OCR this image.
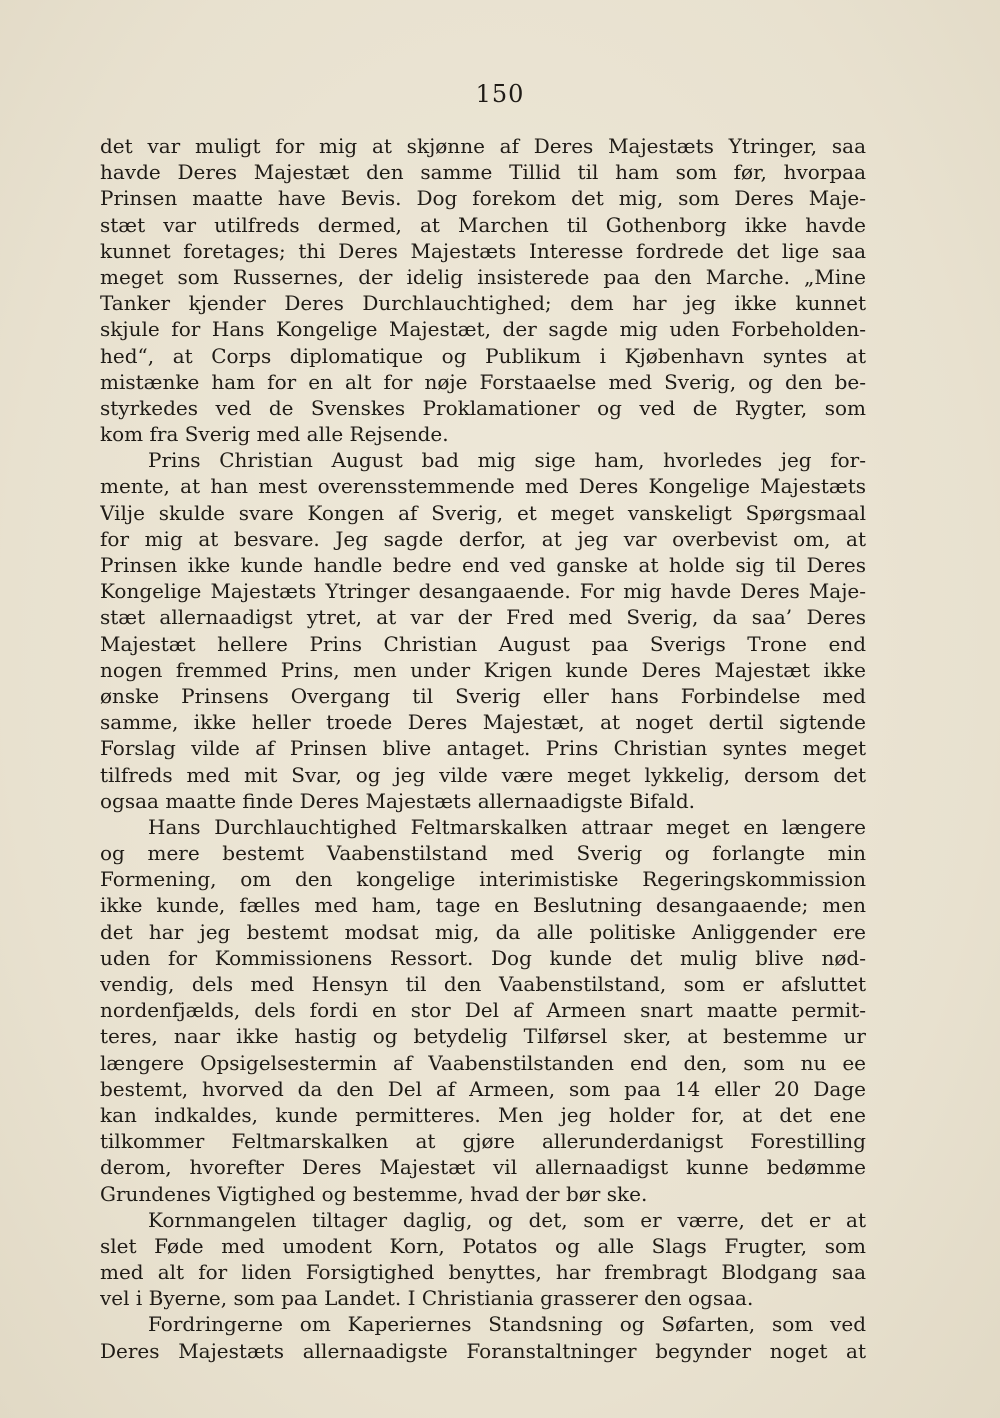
150
det var muligt for mig at skjønne af Deres Majestæts Ytringer, saa
havde Deres Majestæt den samme Tillid til ham som før, hvorpaa
Prinsen maatte have Bevis. Dog forekom det mig, som Deres Maje-
stæt var utilfreds dermed, at Marchen til Gothenborg ikke havde
kunnet foretages; thi Deres Majestæts Interesse fordrede det lige saa
meget som Russernes, der idelig insisterede paa den Marche. „Mine
Tanker kjender Deres Durchlauchtighed; dem har jeg ikke kunnet
skjule for Hans Kongelige Majestæt, der sagde mig uden Forbeholden-
hed“, at Corps diplomatique og Publikum i Kjøbenhavn syntes at
mistænke ham for en alt for nøje Forstaaelse med Sverig, og den be-
styrkedes ved de Svenskes Proklamationer og ved de Rygter, som
kom fra Sverig med alle Rejsende.
Prins Christian August bad mig sige ham, hvorledes jeg for-
mente, at han mest overensstemmende med Deres Kongelige Majestæts
Vilje skulde svare Kongen af Sverig, et meget vanskeligt Spørgsmaal
for mig at besvare. Jeg sagde derfor, at jeg var overbevist om, at
Prinsen ikke kunde handle bedre end ved ganske at holde sig til Deres
Kongelige Majestæts Ytringer desangaaende. For mig havde Deres Maje-
stæt allernaadigst ytret, at var der Fred med Sverig, da saa’ Deres
Majestæt hellere Prins Christian August paa Sverigs Trone end
nogen fremmed Prins, men under Krigen kunde Deres Majestæt ikke
ønske Prinsens Overgang til Sverig eller hans Forbindelse med
samme, ikke heller troede Deres Majestæt, at noget dertil sigtende
Forslag vilde af Prinsen blive antaget. Prins Christian syntes meget
tilfreds med mit Svar, og jeg vilde være meget lykkelig, dersom det
ogsaa maatte finde Deres Majestæts allernaadigste Bifald.
Hans Durchlauchtighed Feltmarskalken attraar meget en længere
og mere bestemt Vaabenstilstand med Sverig og forlangte min
Formening, om den kongelige interimistiske Regeringskommission
ikke kunde, fælles med ham, tage en Beslutning desangaaende; men
det har jeg bestemt modsat mig, da alle politiske Anliggender ere
uden for Kommissionens Ressort. Dog kunde det mulig blive nød-
vendig, dels med Hensyn til den Vaabenstilstand, som er afsluttet
nordenfjælds, dels fordi en stor Del af Armeen snart maatte permit-
teres, naar ikke hastig og betydelig Tilførsel sker, at bestemme ur
længere Opsigelsestermin af Vaabenstilstanden end den, som nu ee
bestemt, hvorved da den Del af Armeen, som paa 14 eller 20 Dage
kan indkaldes, kunde permitteres. Men jeg holder for, at det ene
tilkommer Feltmarskalken at gjøre allerunderdanigst Forestilling
derom, hvorefter Deres Majestæt vil allernaadigst kunne bedømme
Grundenes Vigtighed og bestemme, hvad der bør ske.
Kornmangelen tiltager daglig, og det, som er værre, det er at
slet Føde med umodent Korn, Potatos og alle Slags Frugter, som
med alt for liden Forsigtighed benyttes, har frembragt Blodgang saa
vel i Byerne, som paa Landet. I Christiania grasserer den ogsaa.
Fordringerne om Kaperiernes Standsning og Søfarten, som ved
Deres Majestæts allernaadigste Foranstaltninger begynder noget at
